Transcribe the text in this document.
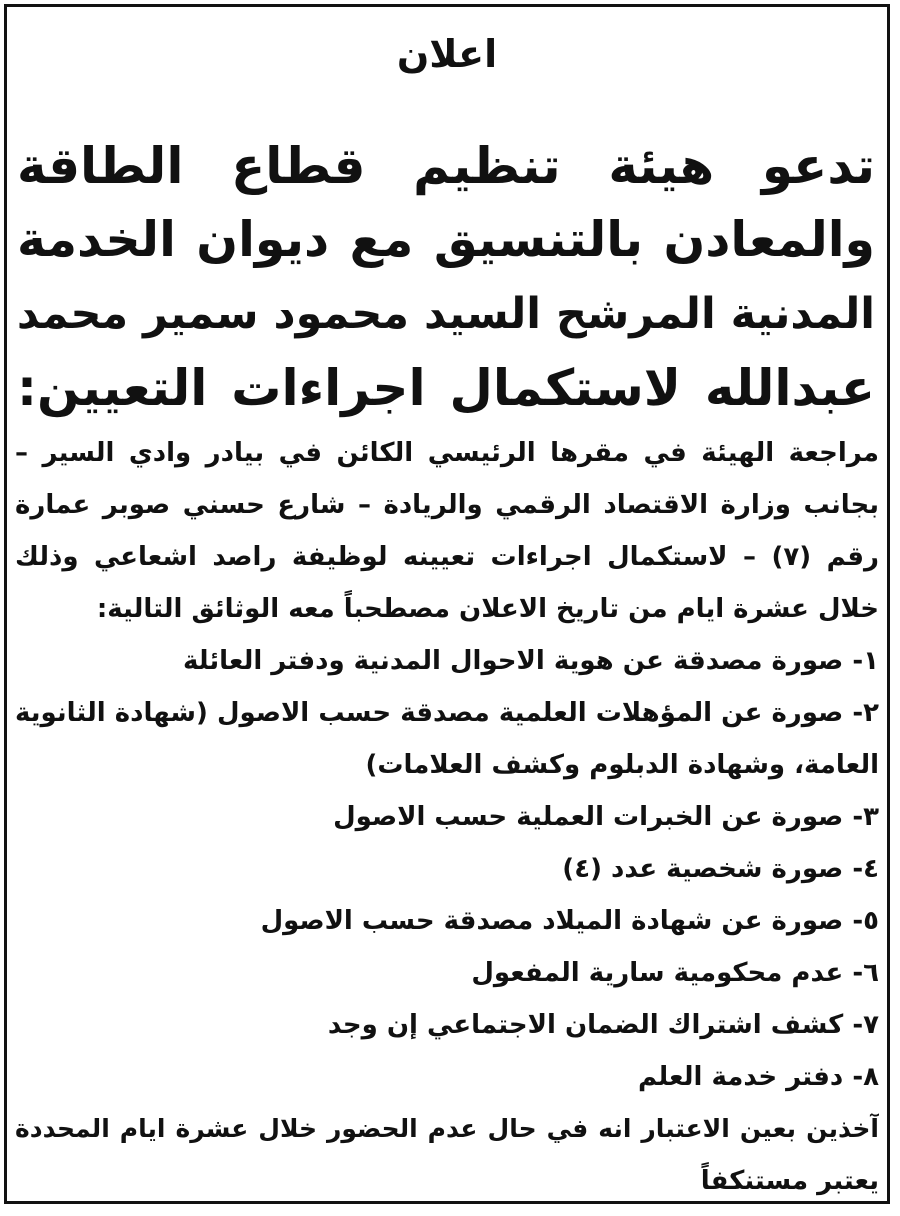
اعلان
تدعو هيئة تنظيم قطاع الطاقة
والمعادن بالتنسيق مع ديوان الخدمة
المدنية المرشح السيد محمود سمير محمد
عبدالله لاستكمال اجراءات التعيين:
مراجعة الهيئة في مقرها الرئيسي الكائن في بيادر وادي السير –
بجانب وزارة الاقتصاد الرقمي والريادة – شارع حسني صوبر عمارة
رقم (٧) – لاستكمال اجراءات تعيينه لوظيفة راصد اشعاعي وذلك
خلال عشرة ايام من تاريخ الاعلان مصطحباً معه الوثائق التالية:
١- صورة مصدقة عن هوية الاحوال المدنية ودفتر العائلة
٢- صورة عن المؤهلات العلمية مصدقة حسب الاصول (شهادة الثانوية
العامة، وشهادة الدبلوم وكشف العلامات)
٣- صورة عن الخبرات العملية حسب الاصول
٤- صورة شخصية عدد (٤)
٥- صورة عن شهادة الميلاد مصدقة حسب الاصول
٦- عدم محكومية سارية المفعول
٧- كشف اشتراك الضمان الاجتماعي إن وجد
٨- دفتر خدمة العلم
آخذين بعين الاعتبار انه في حال عدم الحضور خلال عشرة ايام المحددة
يعتبر مستنكفاً
